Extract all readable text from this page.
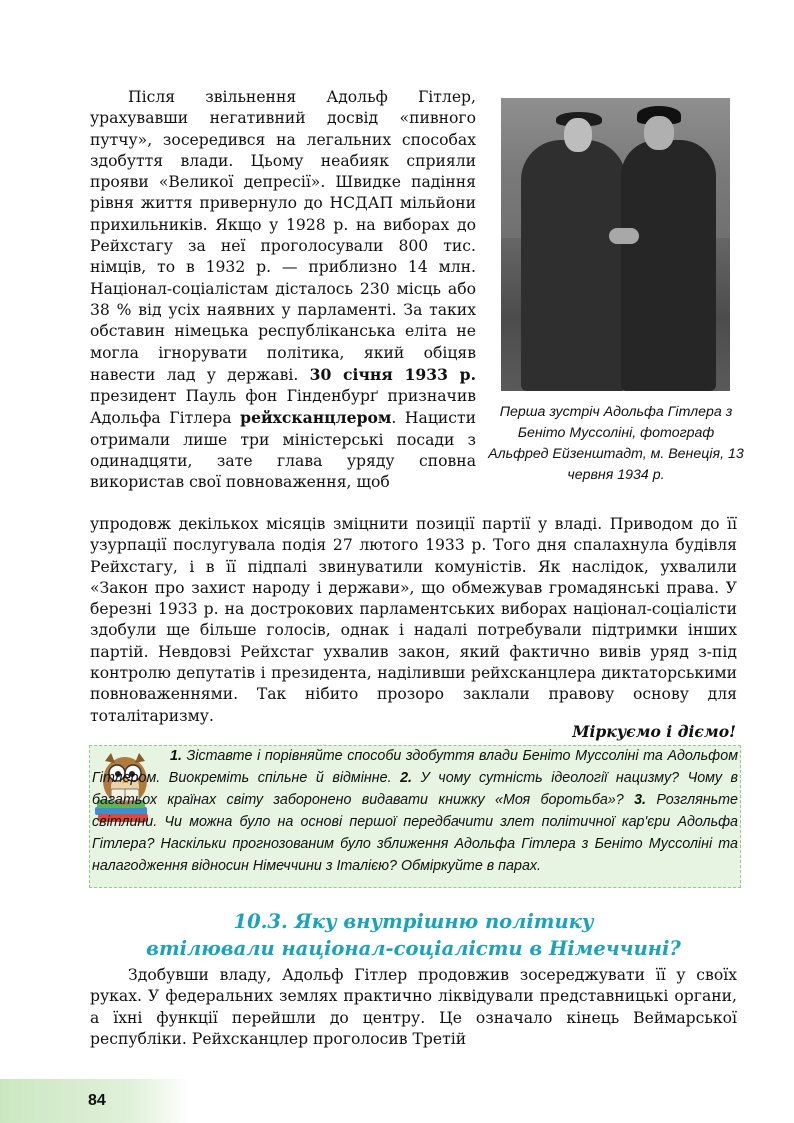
Після звільнення Адольф Гітлер, урахувавши негативний досвід «пивного путчу», зосередився на легальних способах здобуття влади. Цьому неабияк сприяли прояви «Великої депресії». Швидке падіння рівня життя привернуло до НСДАП мільйони прихильників. Якщо у 1928 р. на виборах до Рейхстагу за неї проголосували 800 тис. німців, то в 1932 р. — приблизно 14 млн. Націонал-соціалістам дісталось 230 місць або 38 % від усіх наявних у парламенті. За таких обставин німецька республіканська еліта не могла ігнорувати політика, який обіцяв навести лад у державі. 30 січня 1933 р. президент Пауль фон Гінденбурґ призначив Адольфа Гітлера рейхсканцлером. Нацисти отримали лише три міністерські посади з одинадцяти, зате глава уряду сповна використав свої повноваження, щоб

Перша зустріч Адольфа Гітлера з Беніто Муссоліні, фотограф Альфред Ейзенштадт, м. Венеція, 13 червня 1934 р.

упродовж декількох місяців зміцнити позиції партії у владі. Приводом до її узурпації послугувала подія 27 лютого 1933 р. Того дня спалахнула будівля Рейхстагу, і в її підпалі звинуватили комуністів. Як наслідок, ухвалили «Закон про захист народу і держави», що обмежував громадянські права. У березні 1933 р. на дострокових парламентських виборах націонал-соціалісти здобули ще більше голосів, однак і надалі потребували підтримки інших партій. Невдовзі Рейхстаг ухвалив закон, який фактично вивів уряд з-під контролю депутатів і президента, наділивши рейхсканцлера диктаторськими повноваженнями. Так нібито прозоро заклали правову основу для тоталітаризму.

Міркуємо і діємо!

1. Зіставте і порівняйте способи здобуття влади Беніто Муссоліні та Адольфом Гітлером. Виокреміть спільне й відмінне. 2. У чому сутність ідеології нацизму? Чому в багатьох країнах світу заборонено видавати книжку «Моя боротьба»? 3. Розгляньте світлини. Чи можна було на основі першої передбачити злет політичної кар'єри Адольфа Гітлера? Наскільки прогнозованим було зближення Адольфа Гітлера з Беніто Муссоліні та налагодження відносин Німеччини з Італією? Обміркуйте в парах.

10.3. Яку внутрішню політику
втілювали націонал-соціалісти в Німеччині?

Здобувши владу, Адольф Гітлер продовжив зосереджувати її у своїх руках. У федеральних землях практично ліквідували представницькі органи, а їхні функції перейшли до центру. Це означало кінець Веймарської республіки. Рейхсканцлер проголосив Третій

84
